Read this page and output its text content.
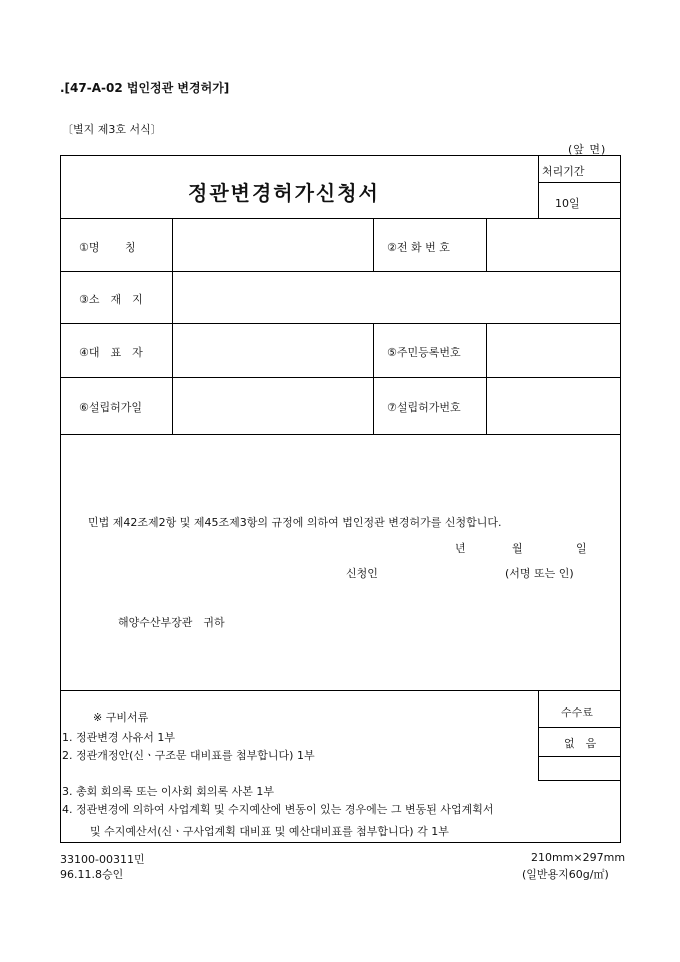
.[47-A-02 법인정관 변경허가]
〔별지 제3호 서식〕
(앞 면)
정관변경허가신청서
처리기간
10일
①명　　 칭	②전 화 번 호
③소　재　지
④대　표　자	⑤주민등록번호
⑥설립허가일	⑦설립허가번호
민법 제42조제2항 및 제45조제3항의 규정에 의하여 법인정관 변경허가를 신청합니다.
년	월	일
신청인	(서명 또는 인)
해양수산부장관　귀하
※ 구비서류
1. 정관변경 사유서 1부
2. 정관개정안(신ㆍ구조문 대비표를 첨부합니다) 1부
3. 총회 회의록 또는 이사회 회의록 사본 1부
4. 정관변경에 의하여 사업계획 및 수지예산에 변동이 있는 경우에는 그 변동된 사업계획서
및 수지예산서(신ㆍ구사업계획 대비표 및 예산대비표를 첨부합니다) 각 1부
수수료
없　음
33100-00311민
96.11.8승인
210mm×297mm
(일반용지60g/㎡)
